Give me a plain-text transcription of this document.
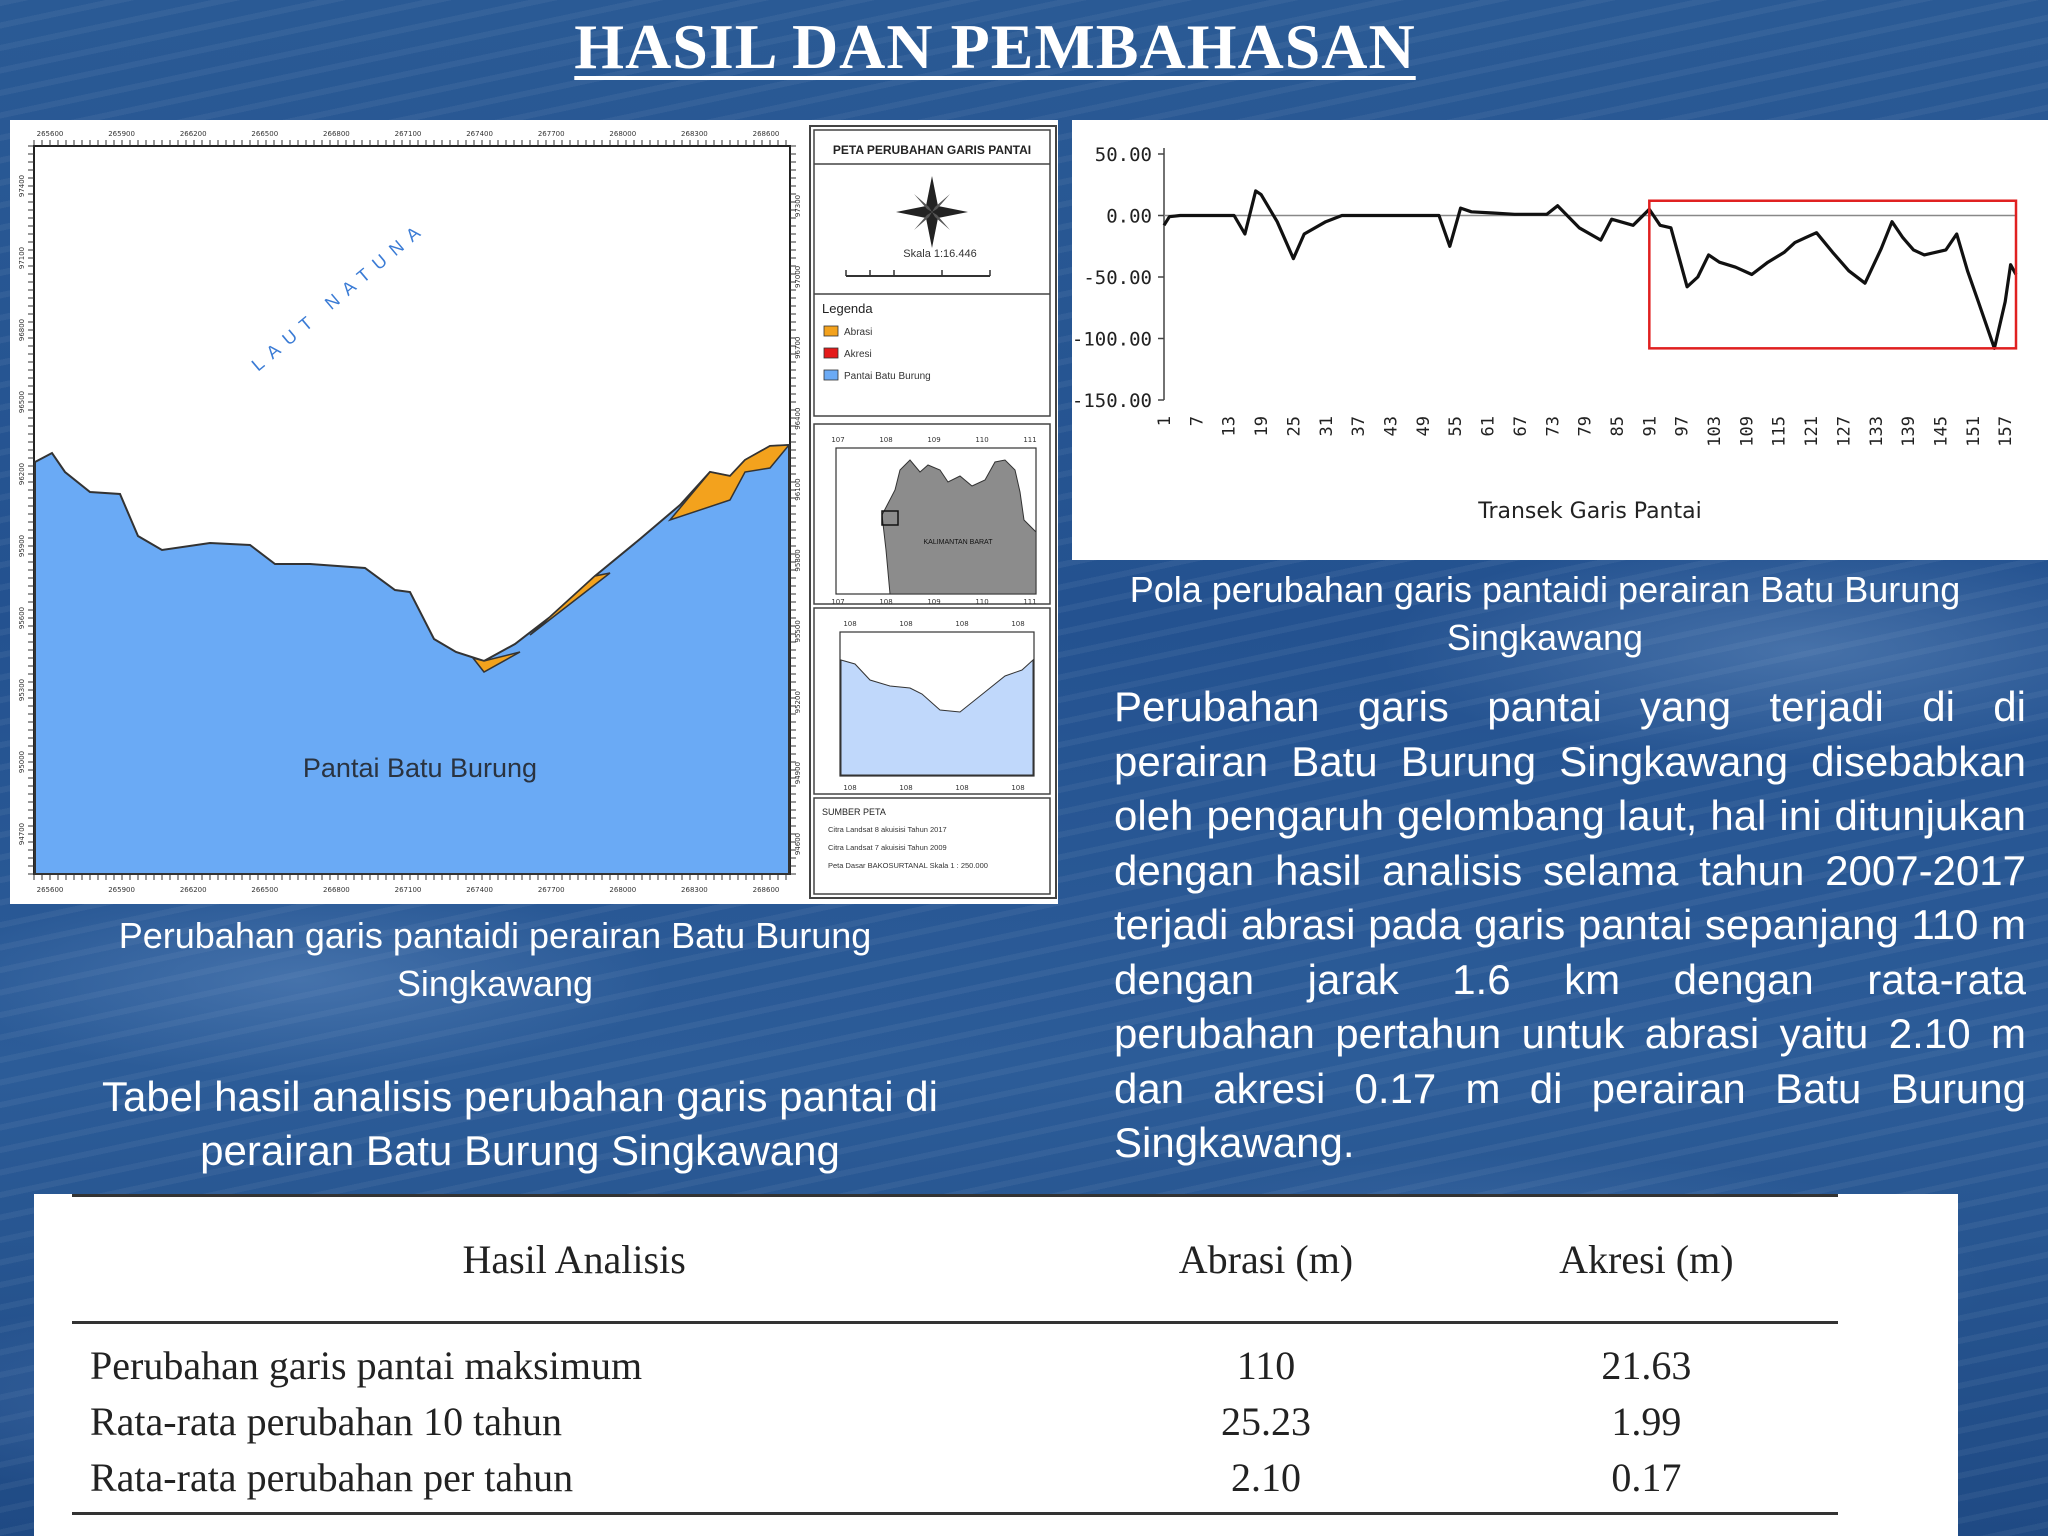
HASIL DAN PEMBAHASAN
265600	265900	266200	266500	266800	267100	267400	267700	268000	268300	268600
265600	265900	266200	266500	266800	267100	267400	267700	268000	268300	268600
97400
97100
96800
96500
96200
95900
95600
95300
95000
94700
97300
97000
96700
96400
96100
95800
95500
95200
94900
94600
LAUT NATUNA
Pantai Batu Burung
PETA PERUBAHAN GARIS PANTAI
Skala 1:16.446
Legenda
Abrasi
Akresi
Pantai Batu Burung
107
107
108
108
109
109
110
110
111
111
KALIMANTAN BARAT
108
108
108
108
108
108
108
108
SUMBER PETA
Citra Landsat 8 akuisisi Tahun 2017
Citra Landsat 7 akuisisi Tahun 2009
Peta Dasar BAKOSURTANAL Skala 1 : 250.000
Perubahan garis pantaidi perairan Batu Burung Singkawang
50.00
0.00
-50.00
-100.00
-150.00
1 7 13 19 25 31 37 43 49 55 61 67 73 79 85 91 97 103 109 115 121 127 133 139 145 151 157
Transek Garis Pantai
Pola perubahan garis pantaidi perairan Batu Burung Singkawang
Perubahan garis pantai yang terjadi di di perairan Batu Burung Singkawang disebabkan oleh pengaruh gelombang laut, hal ini ditunjukan dengan hasil analisis selama tahun 2007-2017 terjadi abrasi pada garis pantai sepanjang 110 m dengan jarak 1.6 km dengan rata-rata perubahan pertahun untuk abrasi yaitu 2.10 m dan akresi 0.17 m di perairan Batu Burung Singkawang.
Tabel hasil analisis perubahan garis pantai di perairan Batu Burung Singkawang
Hasil Analisis	Abrasi (m)	Akresi (m)
Perubahan garis pantai maksimum	110	21.63
Rata-rata perubahan 10 tahun	25.23	1.99
Rata-rata perubahan per tahun	2.10	0.17
